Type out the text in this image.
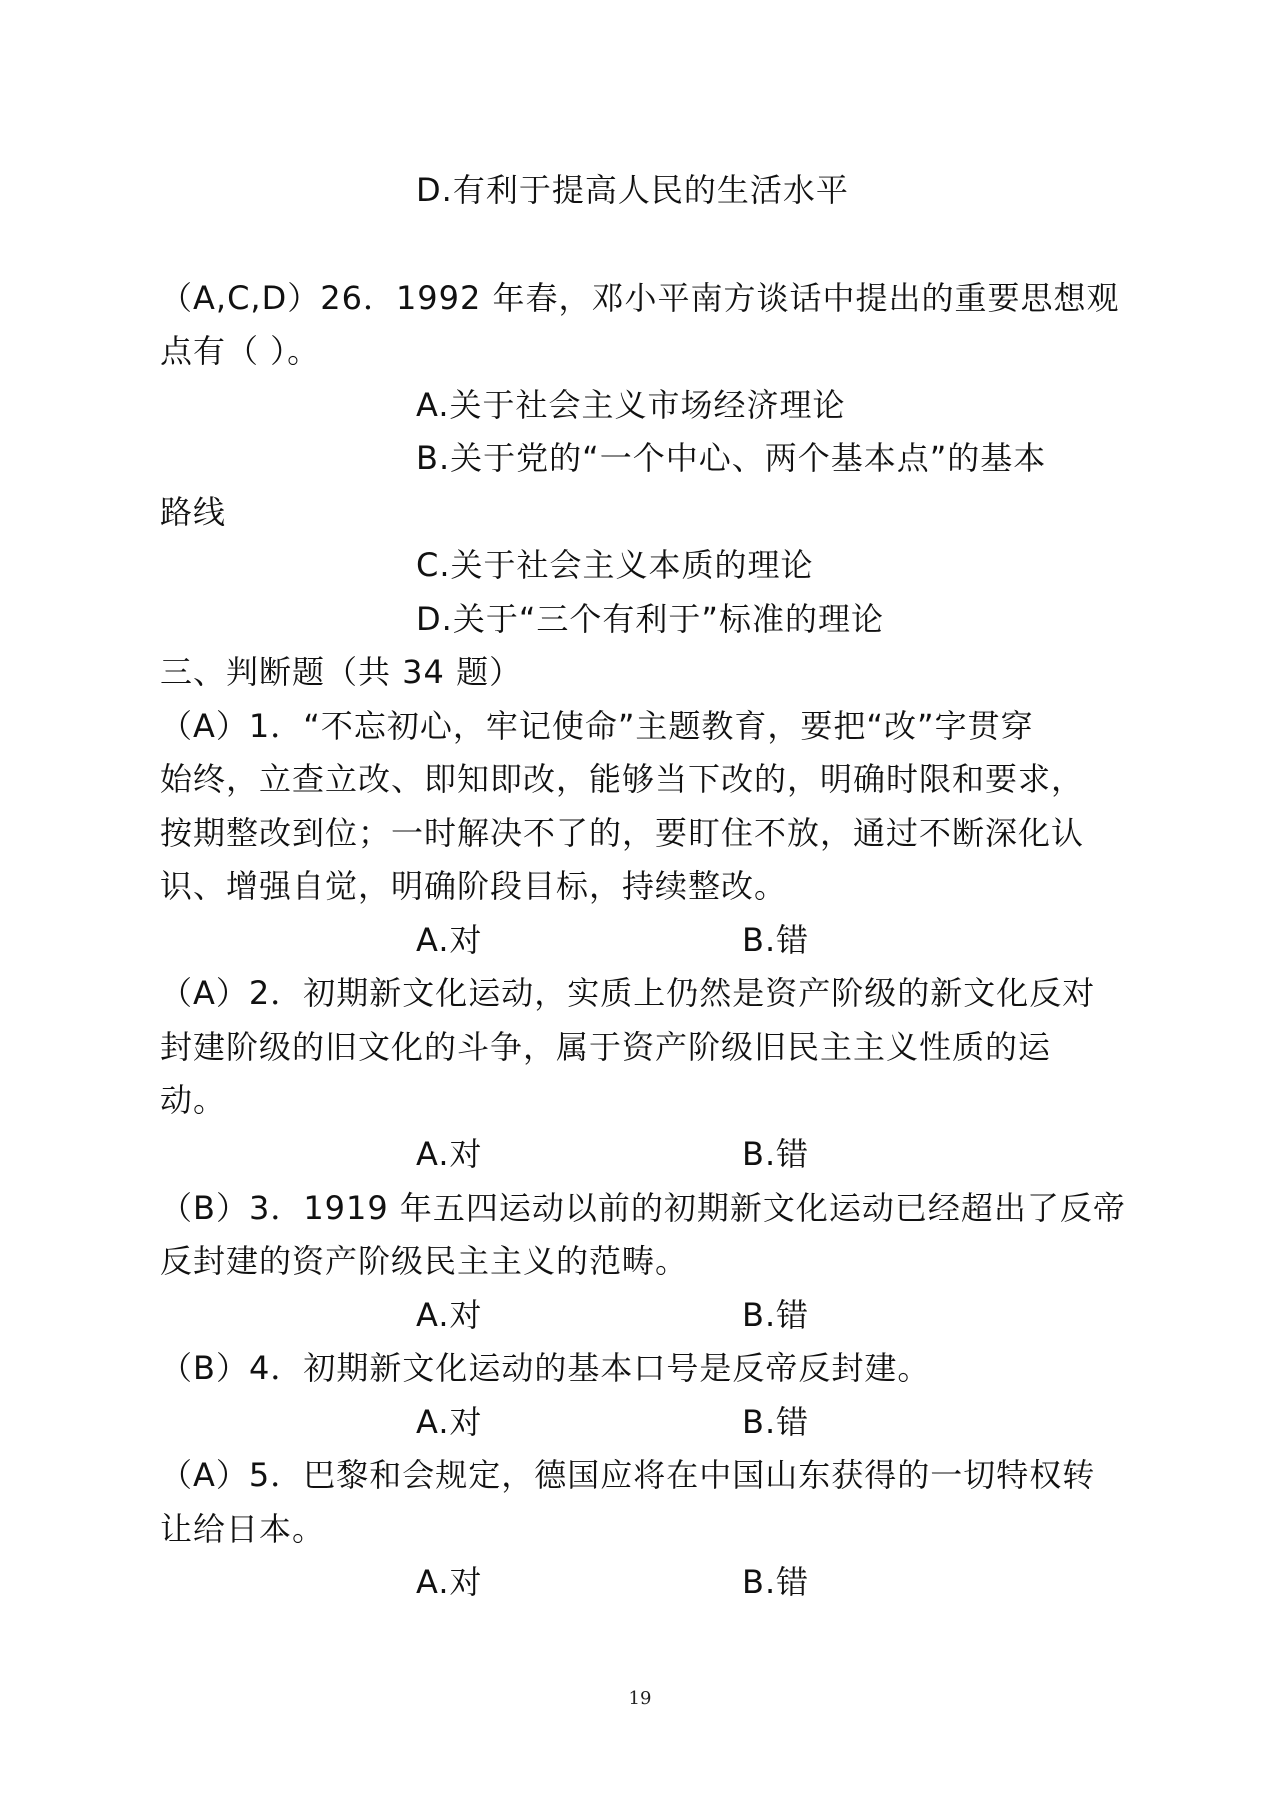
D.有利于提高人民的生活水平
（A,C,D）26．1992 年春，邓小平南方谈话中提出的重要思想观
点有（ ）。
A.关于社会主义市场经济理论
B.关于党的“一个中心、两个基本点”的基本
路线
C.关于社会主义本质的理论
D.关于“三个有利于”标准的理论
三、判断题（共 34 题）
（A）1．“不忘初心，牢记使命”主题教育，要把“改”字贯穿
始终，立查立改、即知即改，能够当下改的，明确时限和要求，
按期整改到位；一时解决不了的，要盯住不放，通过不断深化认
识、增强自觉，明确阶段目标，持续整改。
A.对	B.错
（A）2．初期新文化运动，实质上仍然是资产阶级的新文化反对
封建阶级的旧文化的斗争，属于资产阶级旧民主主义性质的运
动。
A.对	B.错
（B）3．1919 年五四运动以前的初期新文化运动已经超出了反帝
反封建的资产阶级民主主义的范畴。
A.对	B.错
（B）4．初期新文化运动的基本口号是反帝反封建。
A.对	B.错
（A）5．巴黎和会规定，德国应将在中国山东获得的一切特权转
让给日本。
A.对	B.错
19
